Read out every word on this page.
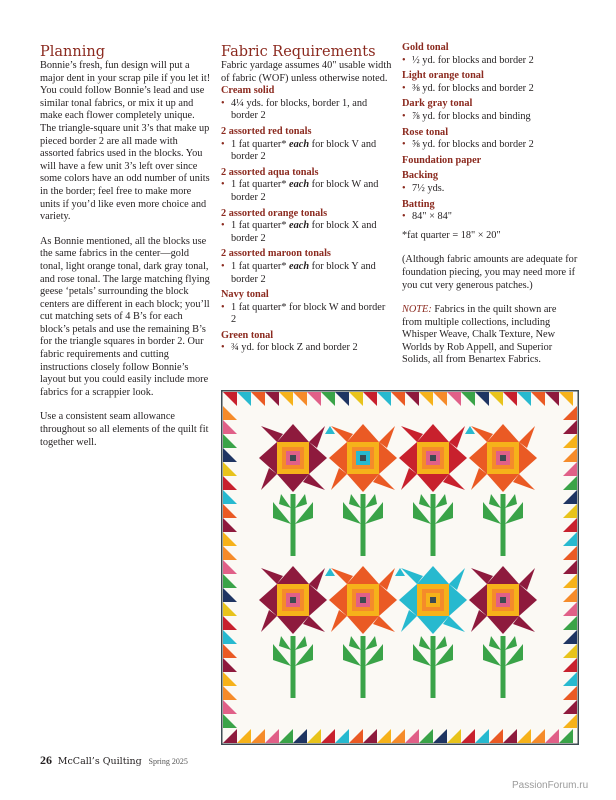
Planning

Bonnie’s fresh, fun design will put a major dent in your scrap pile if you let it! You could follow Bonnie’s lead and use similar tonal fabrics, or mix it up and make each flower completely unique. The triangle-square unit 3’s that make up pieced border 2 are all made with assorted fabrics used in the blocks. You will have a few unit 3’s left over since some colors have an odd number of units in the border; feel free to make more units if you’d like even more choice and variety.

As Bonnie mentioned, all the blocks use the same fabrics in the center—gold tonal, light orange tonal, dark gray tonal, and rose tonal. The large matching flying geese ‘petals’ surrounding the block centers are different in each block; you’ll cut matching sets of 4 B’s for each block’s petals and use the remaining B’s for the triangle squares in border 2. Our fabric requirements and cutting instructions closely follow Bonnie’s layout but you could easily include more fabrics for a scrappier look.

Use a consistent seam allowance throughout so all elements of the quilt fit together well.

Fabric Requirements

Fabric yardage assumes 40" usable width of fabric (WOF) unless otherwise noted.

Cream solid
• 4¼ yds. for blocks, border 1, and border 2
2 assorted red tonals
• 1 fat quarter* each for block V and border 2
2 assorted aqua tonals
• 1 fat quarter* each for block W and border 2
2 assorted orange tonals
• 1 fat quarter* each for block X and border 2
2 assorted maroon tonals
• 1 fat quarter* each for block Y and border 2
Navy tonal
• 1 fat quarter* for block W and border 2
Green tonal
• ¾ yd. for block Z and border 2
Gold tonal
• ½ yd. for blocks and border 2
Light orange tonal
• ⅜ yd. for blocks and border 2
Dark gray tonal
• ⅞ yd. for blocks and binding
Rose tonal
• ⅝ yd. for blocks and border 2
Foundation paper
Backing
• 7½ yds.
Batting
• 84" × 84"

*fat quarter = 18" × 20"

(Although fabric amounts are adequate for foundation piecing, you may need more if you cut very generous patches.)

NOTE: Fabrics in the quilt shown are from multiple collections, including Whisper Weave, Chalk Texture, New Worlds by Rob Appell, and Superior Solids, all from Benartex Fabrics.

26 McCall’s Quilting Spring 2025
PassionForum.ru
